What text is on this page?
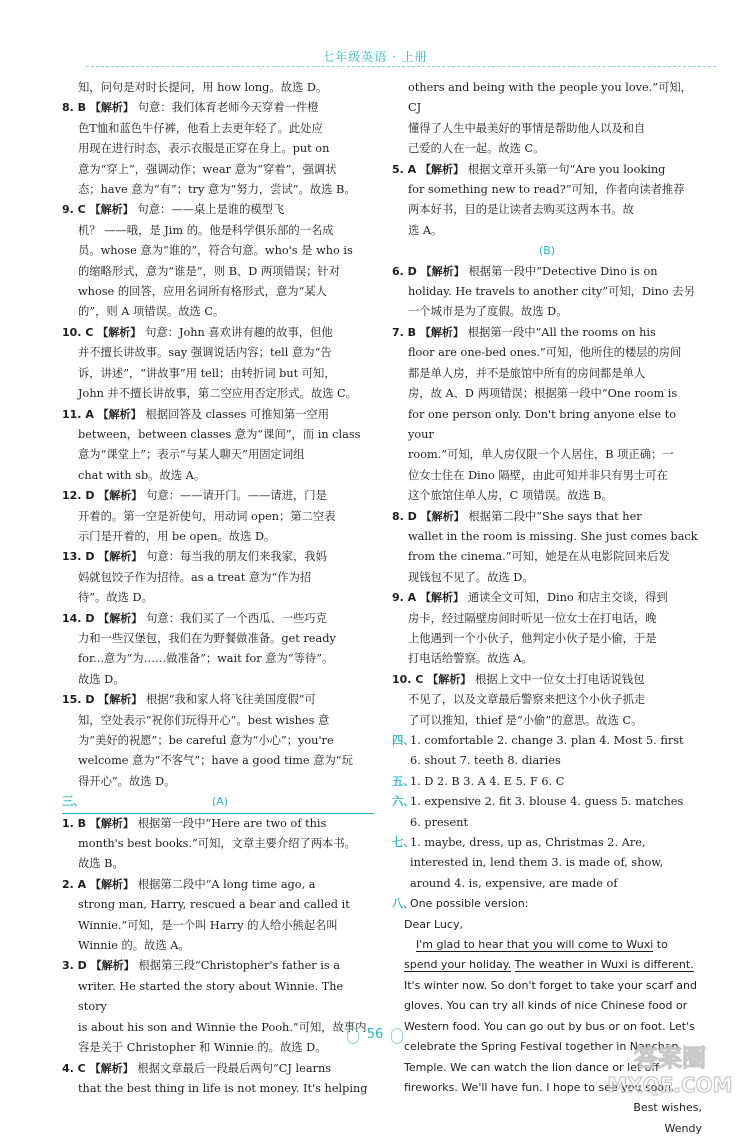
七年级英语 · 上册
知，问句是对时长提问，用 how long。故选 D。
8. B 【解析】 句意：我们体育老师今天穿着一件橙
色T恤和蓝色牛仔裤，他看上去更年轻了。此处应
用现在进行时态，表示衣服是正穿在身上。put on
意为“穿上”，强调动作；wear 意为“穿着”，强调状
态；have 意为“有”；try 意为“努力，尝试”。故选 B。
9. C 【解析】 句意：——桌上是谁的模型飞
机？ ——哦，是 Jim 的。他是科学俱乐部的一名成
员。whose 意为“谁的”，符合句意。who's 是 who is
的缩略形式，意为“谁是”，则 B、D 两项错误；针对
whose 的回答，应用名词所有格形式，意为“某人
的”，则 A 项错误。故选 C。
10. C 【解析】 句意：John 喜欢讲有趣的故事，但他
并不擅长讲故事。say 强调说话内容；tell 意为“告
诉，讲述”，“讲故事”用 tell；由转折词 but 可知，
John 并不擅长讲故事，第二空应用否定形式。故选 C。
11. A 【解析】 根据回答及 classes 可推知第一空用
between，between classes 意为“课间”，而 in class
意为“课堂上”；表示“与某人聊天”用固定词组
chat with sb。故选 A。
12. D 【解析】 句意：——请开门。——请进，门是
开着的。第一空是祈使句，用动词 open；第二空表
示门是开着的，用 be open。故选 D。
13. D 【解析】 句意：每当我的朋友们来我家，我妈
妈就包饺子作为招待。as a treat 意为“作为招
待”。故选 D。
14. D 【解析】 句意：我们买了一个西瓜、一些巧克
力和一些汉堡包，我们在为野餐做准备。get ready
for...意为“为……做准备”；wait for 意为“等待”。
故选 D。
15. D 【解析】 根据“我和家人将飞往美国度假”可
知，空处表示“祝你们玩得开心”。best wishes 意
为“美好的祝愿”；be careful 意为“小心”；you're
welcome 意为“不客气”；have a good time 意为“玩
得开心”。故选 D。
三、	(A)
1. B 【解析】 根据第一段中“Here are two of this
month's best books.”可知，文章主要介绍了两本书。
故选 B。
2. A 【解析】 根据第二段中“A long time ago, a
strong man, Harry, rescued a bear and called it
Winnie.”可知，是一个叫 Harry 的人给小熊起名叫
Winnie 的。故选 A。
3. D 【解析】 根据第三段“Christopher's father is a
writer. He started the story about Winnie. The story
is about his son and Winnie the Pooh.”可知，故事内
容是关于 Christopher 和 Winnie 的。故选 D。
4. C 【解析】 根据文章最后一段最后两句“CJ learns
that the best thing in life is not money. It's helping
others and being with the people you love.”可知，CJ
懂得了人生中最美好的事情是帮助他人以及和自
己爱的人在一起。故选 C。
5. A 【解析】 根据文章开头第一句“Are you looking
for something new to read?”可知，作者向读者推荐
两本好书，目的是让读者去购买这两本书。故
选 A。
(B)
6. D 【解析】 根据第一段中“Detective Dino is on
holiday. He travels to another city”可知，Dino 去另
一个城市是为了度假。故选 D。
7. B 【解析】 根据第一段中“All the rooms on his
floor are one-bed ones.”可知，他所住的楼层的房间
都是单人房，并不是旅馆中所有的房间都是单人
房，故 A、D 两项错误；根据第一段中“One room is
for one person only. Don't bring anyone else to your
room.”可知，单人房仅限一个人居住，B 项正确；一
位女士住在 Dino 隔壁，由此可知并非只有男士可在
这个旅馆住单人房，C 项错误。故选 B。
8. D 【解析】 根据第二段中“She says that her
wallet in the room is missing. She just comes back
from the cinema.”可知，她是在从电影院回来后发
现钱包不见了。故选 D。
9. A 【解析】 通读全文可知，Dino 和店主交谈，得到
房卡，经过隔壁房间时听见一位女士在打电话，晚
上他遇到一个小伙子，他判定小伙子是小偷，于是
打电话给警察。故选 A。
10. C 【解析】 根据上文中一位女士打电话说钱包
不见了，以及文章最后警察来把这个小伙子抓走
了可以推知，thief 是“小偷”的意思。故选 C。
四、1. comfortable 2. change 3. plan 4. Most 5. first
6. shout 7. teeth 8. diaries
五、1. D 2. B 3. A 4. E 5. F 6. C
六、1. expensive 2. fit 3. blouse 4. guess 5. matches
6. present
七、1. maybe, dress, up as, Christmas 2. Are,
interested in, lend them 3. is made of, show,
around 4. is, expensive, are made of
八、One possible version:
Dear Lucy,
I'm glad to hear that you will come to Wuxi to
spend your holiday. The weather in Wuxi is different.
It's winter now. So don't forget to take your scarf and
gloves. You can try all kinds of nice Chinese food or
Western food. You can go out by bus or on foot. Let's
celebrate the Spring Festival together in Nanchan
Temple. We can watch the lion dance or let off
fireworks. We'll have fun. I hope to see you soon.
Best wishes,
Wendy
56
答案圈
MXQE.COM
